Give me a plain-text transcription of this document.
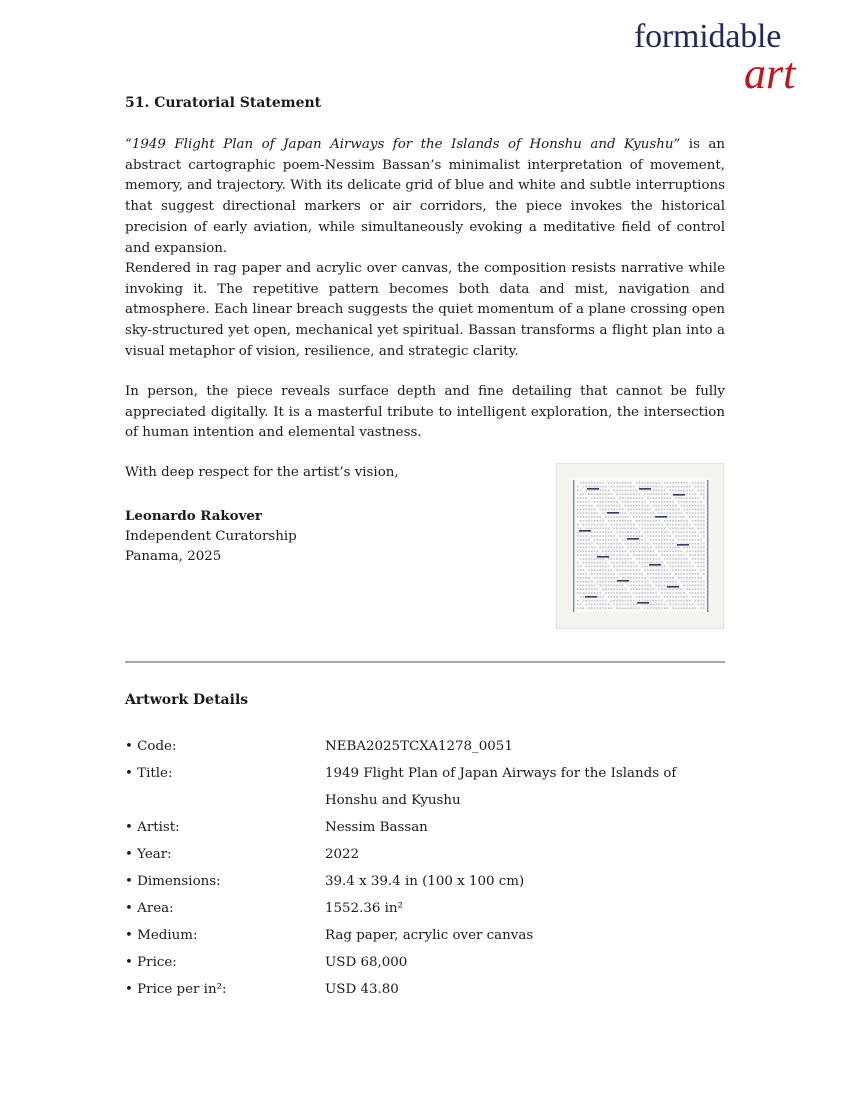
formidable
art
51. Curatorial Statement

“1949 Flight Plan of Japan Airways for the Islands of Honshu and Kyushu” is an abstract cartographic poem-Nessim Bassan’s minimalist interpretation of movement, memory, and trajectory. With its delicate grid of blue and white and subtle interruptions that suggest directional markers or air corridors, the piece invokes the historical precision of early aviation, while simultaneously evoking a meditative field of control and expansion.

Rendered in rag paper and acrylic over canvas, the composition resists narrative while invoking it. The repetitive pattern becomes both data and mist, navigation and atmosphere. Each linear breach suggests the quiet momentum of a plane crossing open sky-structured yet open, mechanical yet spiritual. Bassan transforms a flight plan into a visual metaphor of vision, resilience, and strategic clarity.

In person, the piece reveals surface depth and fine detailing that cannot be fully appreciated digitally. It is a masterful tribute to intelligent exploration, the intersection of human intention and elemental vastness.

With deep respect for the artist’s vision,
Leonardo Rakover
Independent Curatorship
Panama, 2025
Artwork Details
• Code:	NEBA2025TCXA1278_0051
• Title:	1949 Flight Plan of Japan Airways for the Islands of Honshu and Kyushu
• Artist:	Nessim Bassan
• Year:	2022
• Dimensions:	39.4 x 39.4 in (100 x 100 cm)
• Area:	1552.36 in²
• Medium:	Rag paper, acrylic over canvas
• Price:	USD 68,000
• Price per in²:	USD 43.80
